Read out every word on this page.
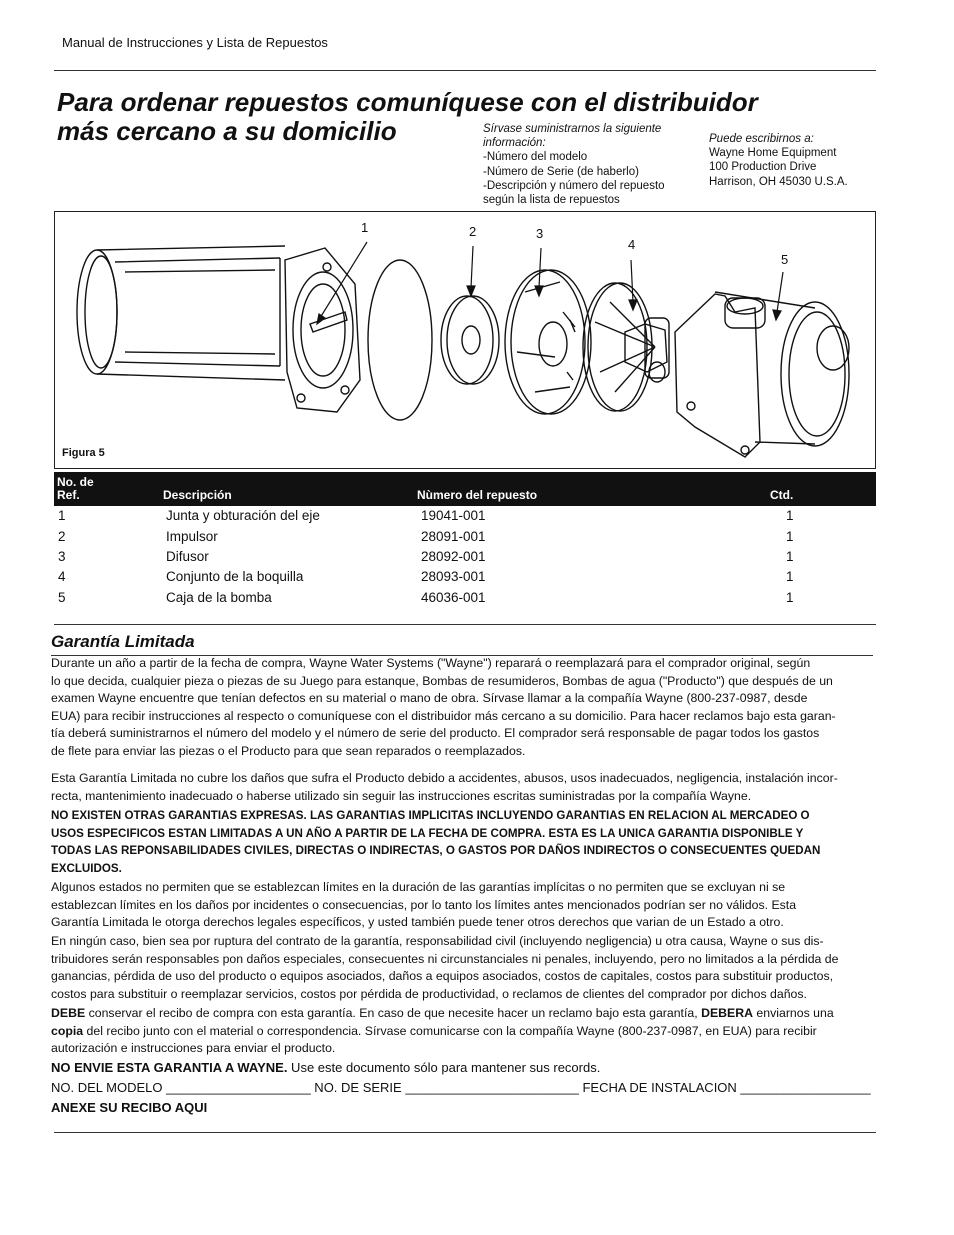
Manual de Instrucciones y Lista de Repuestos
Para ordenar repuestos comuníquese con el distribuidor
más cercano a su domicilio	Sírvase suministrarnos la siguiente
información:
-Número del modelo
-Número de Serie (de haberlo)
-Descripción y número del repuesto
según la lista de repuestos
Puede escribirnos a:
Wayne Home Equipment
100 Production Drive
Harrison, OH 45030 U.S.A.
1	2	3
4
5
Figura 5
No. de
Ref.	Descripción	Nùmero del repuesto	Ctd.
1	Junta y obturación del eje	19041-001	1
2	Impulsor	28091-001	1
3	Difusor	28092-001	1
4	Conjunto de la boquilla	28093-001	1
5	Caja de la bomba	46036-001	1
Garantía Limitada
Durante un año a partir de la fecha de compra, Wayne Water Systems ("Wayne") reparará o reemplazará para el comprador original, según
lo que decida, cualquier pieza o piezas de su Juego para estanque, Bombas de resumideros, Bombas de agua ("Producto") que después de un
examen Wayne encuentre que tenían defectos en su material o mano de obra. Sírvase llamar a la compañía Wayne (800-237-0987, desde
EUA) para recibir instrucciones al respecto o comuníquese con el distribuidor más cercano a su domicilio. Para hacer reclamos bajo esta garan-
tía deberá suministrarnos el número del modelo y el número de serie del producto. El comprador será responsable de pagar todos los gastos
de flete para enviar las piezas o el Producto para que sean reparados o reemplazados.
Esta Garantía Limitada no cubre los daños que sufra el Producto debido a accidentes, abusos, usos inadecuados, negligencia, instalación incor-
recta, mantenimiento inadecuado o haberse utilizado sin seguir las instrucciones escritas suministradas por la compañía Wayne.
NO EXISTEN OTRAS GARANTIAS EXPRESAS. LAS GARANTIAS IMPLICITAS INCLUYENDO GARANTIAS EN RELACION AL MERCADEO O
USOS ESPECIFICOS ESTAN LIMITADAS A UN AÑO A PARTIR DE LA FECHA DE COMPRA. ESTA ES LA UNICA GARANTIA DISPONIBLE Y
TODAS LAS REPONSABILIDADES CIVILES, DIRECTAS O INDIRECTAS, O GASTOS POR DAÑOS INDIRECTOS O CONSECUENTES QUEDAN
EXCLUIDOS.
Algunos estados no permiten que se establezcan límites en la duración de las garantías implícitas o no permiten que se excluyan ni se
establezcan límites en los daños por incidentes o consecuencias, por lo tanto los límites antes mencionados podrían ser no válidos. Esta
Garantía Limitada le otorga derechos legales específicos, y usted también puede tener otros derechos que varian de un Estado a otro.
En ningún caso, bien sea por ruptura del contrato de la garantía, responsabilidad civil (incluyendo negligencia) u otra causa, Wayne o sus dis-
tribuidores serán responsables pon daños especiales, consecuentes ni circunstanciales ni penales, incluyendo, pero no limitados a la pérdida de
ganancias, pérdida de uso del producto o equipos asociados, daños a equipos asociados, costos de capitales, costos para substituir productos,
costos para substituir o reemplazar servicios, costos por pérdida de productividad, o reclamos de clientes del comprador por dichos daños.
DEBE conservar el recibo de compra con esta garantía. En caso de que necesite hacer un reclamo bajo esta garantía, DEBERA enviarnos una
copia del recibo junto con el material o correspondencia. Sírvase comunicarse con la compañía Wayne (800-237-0987, en EUA) para recibir
autorización e instrucciones para enviar el producto.
NO ENVIE ESTA GARANTIA A WAYNE. Use este documento sólo para mantener sus records.
NO. DEL MODELO ____________________ NO. DE SERIE ________________________ FECHA DE INSTALACION __________________
ANEXE SU RECIBO AQUI
